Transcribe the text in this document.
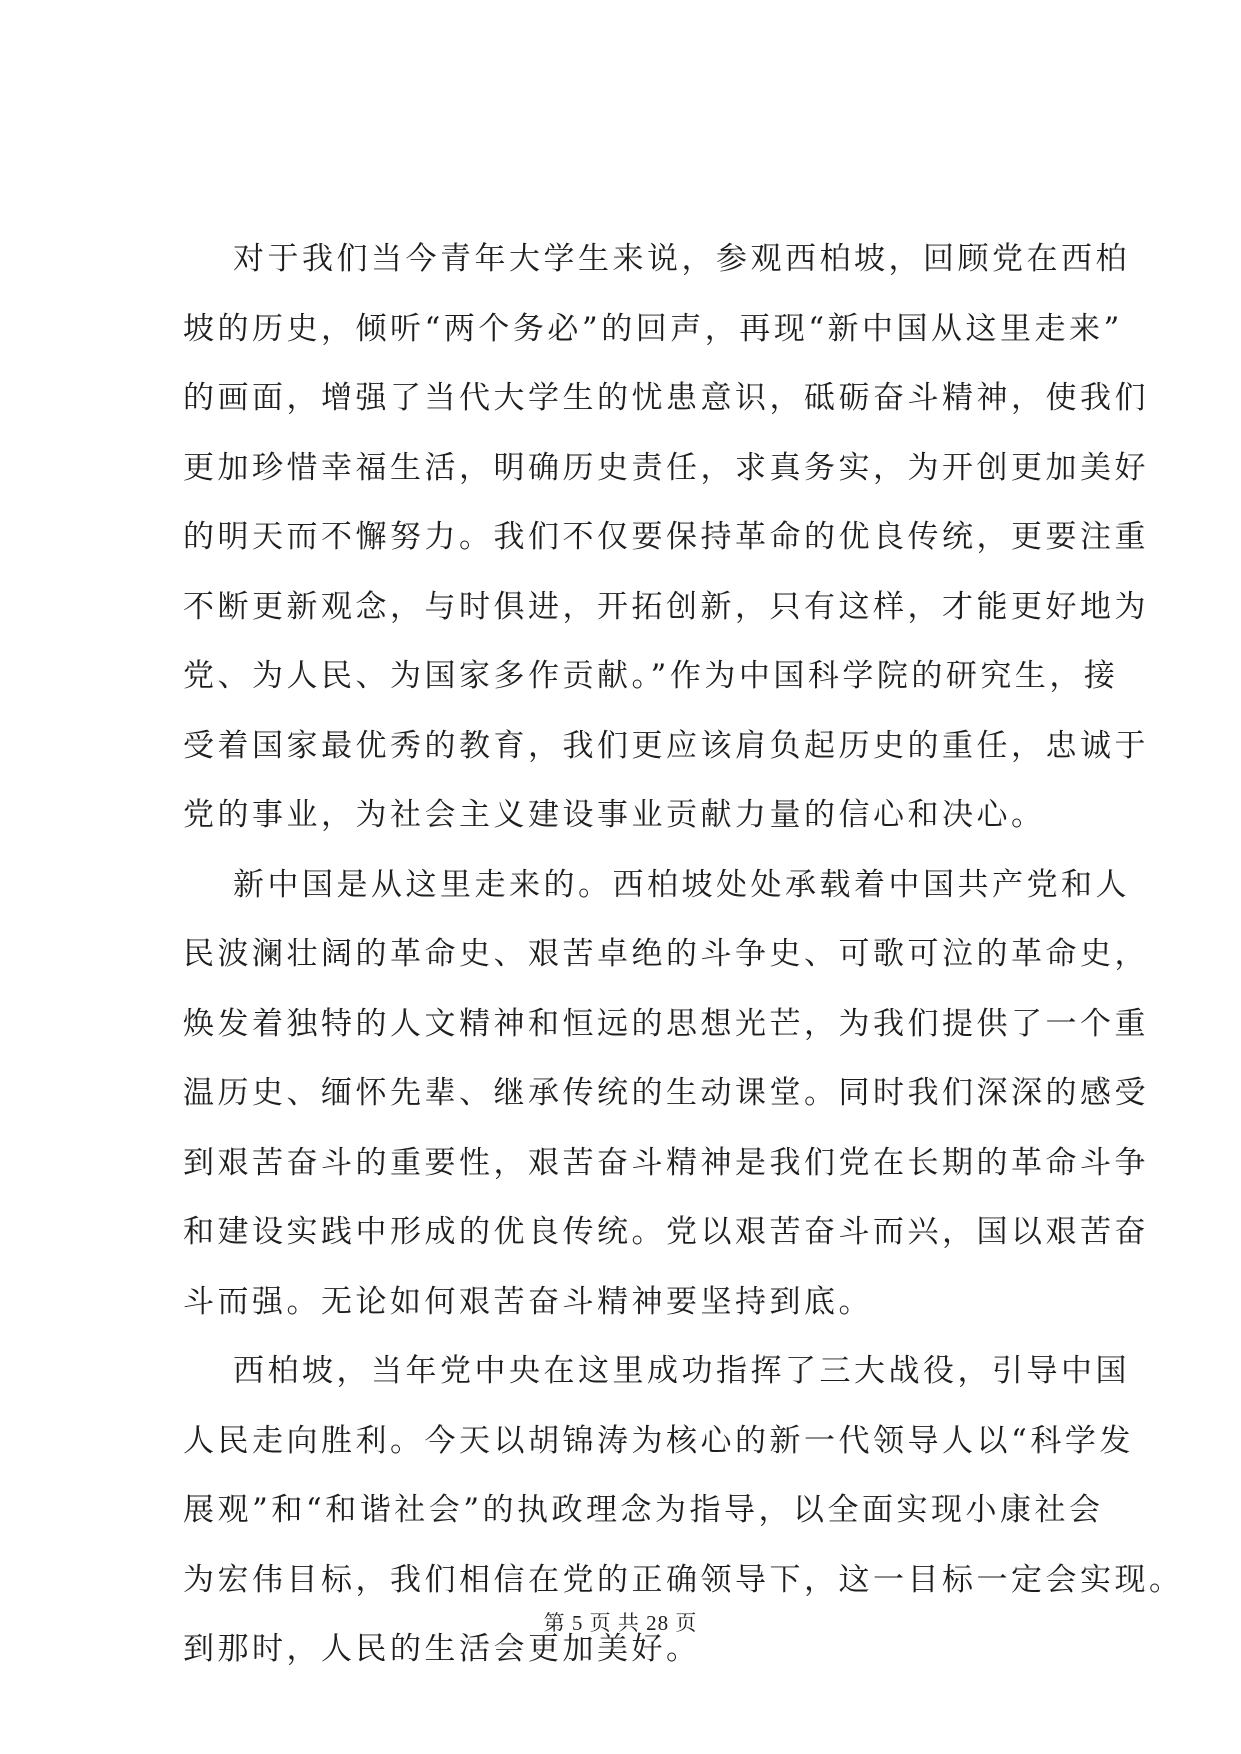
对于我们当今青年大学生来说，参观西柏坡，回顾党在西柏
坡的历史，倾听“两个务必”的回声，再现“新中国从这里走来”
的画面，增强了当代大学生的忧患意识，砥砺奋斗精神，使我们
更加珍惜幸福生活，明确历史责任，求真务实，为开创更加美好
的明天而不懈努力。我们不仅要保持革命的优良传统，更要注重
不断更新观念，与时俱进，开拓创新，只有这样，才能更好地为
党、为人民、为国家多作贡献。”作为中国科学院的研究生，接
受着国家最优秀的教育，我们更应该肩负起历史的重任，忠诚于
党的事业，为社会主义建设事业贡献力量的信心和决心。
新中国是从这里走来的。西柏坡处处承载着中国共产党和人
民波澜壮阔的革命史、艰苦卓绝的斗争史、可歌可泣的革命史，
焕发着独特的人文精神和恒远的思想光芒，为我们提供了一个重
温历史、缅怀先辈、继承传统的生动课堂。同时我们深深的感受
到艰苦奋斗的重要性，艰苦奋斗精神是我们党在长期的革命斗争
和建设实践中形成的优良传统。党以艰苦奋斗而兴，国以艰苦奋
斗而强。无论如何艰苦奋斗精神要坚持到底。
西柏坡，当年党中央在这里成功指挥了三大战役，引导中国
人民走向胜利。今天以胡锦涛为核心的新一代领导人以“科学发
展观”和“和谐社会”的执政理念为指导，以全面实现小康社会
为宏伟目标，我们相信在党的正确领导下，这一目标一定会实现。
到那时，人民的生活会更加美好。
第 5 页 共 28 页
